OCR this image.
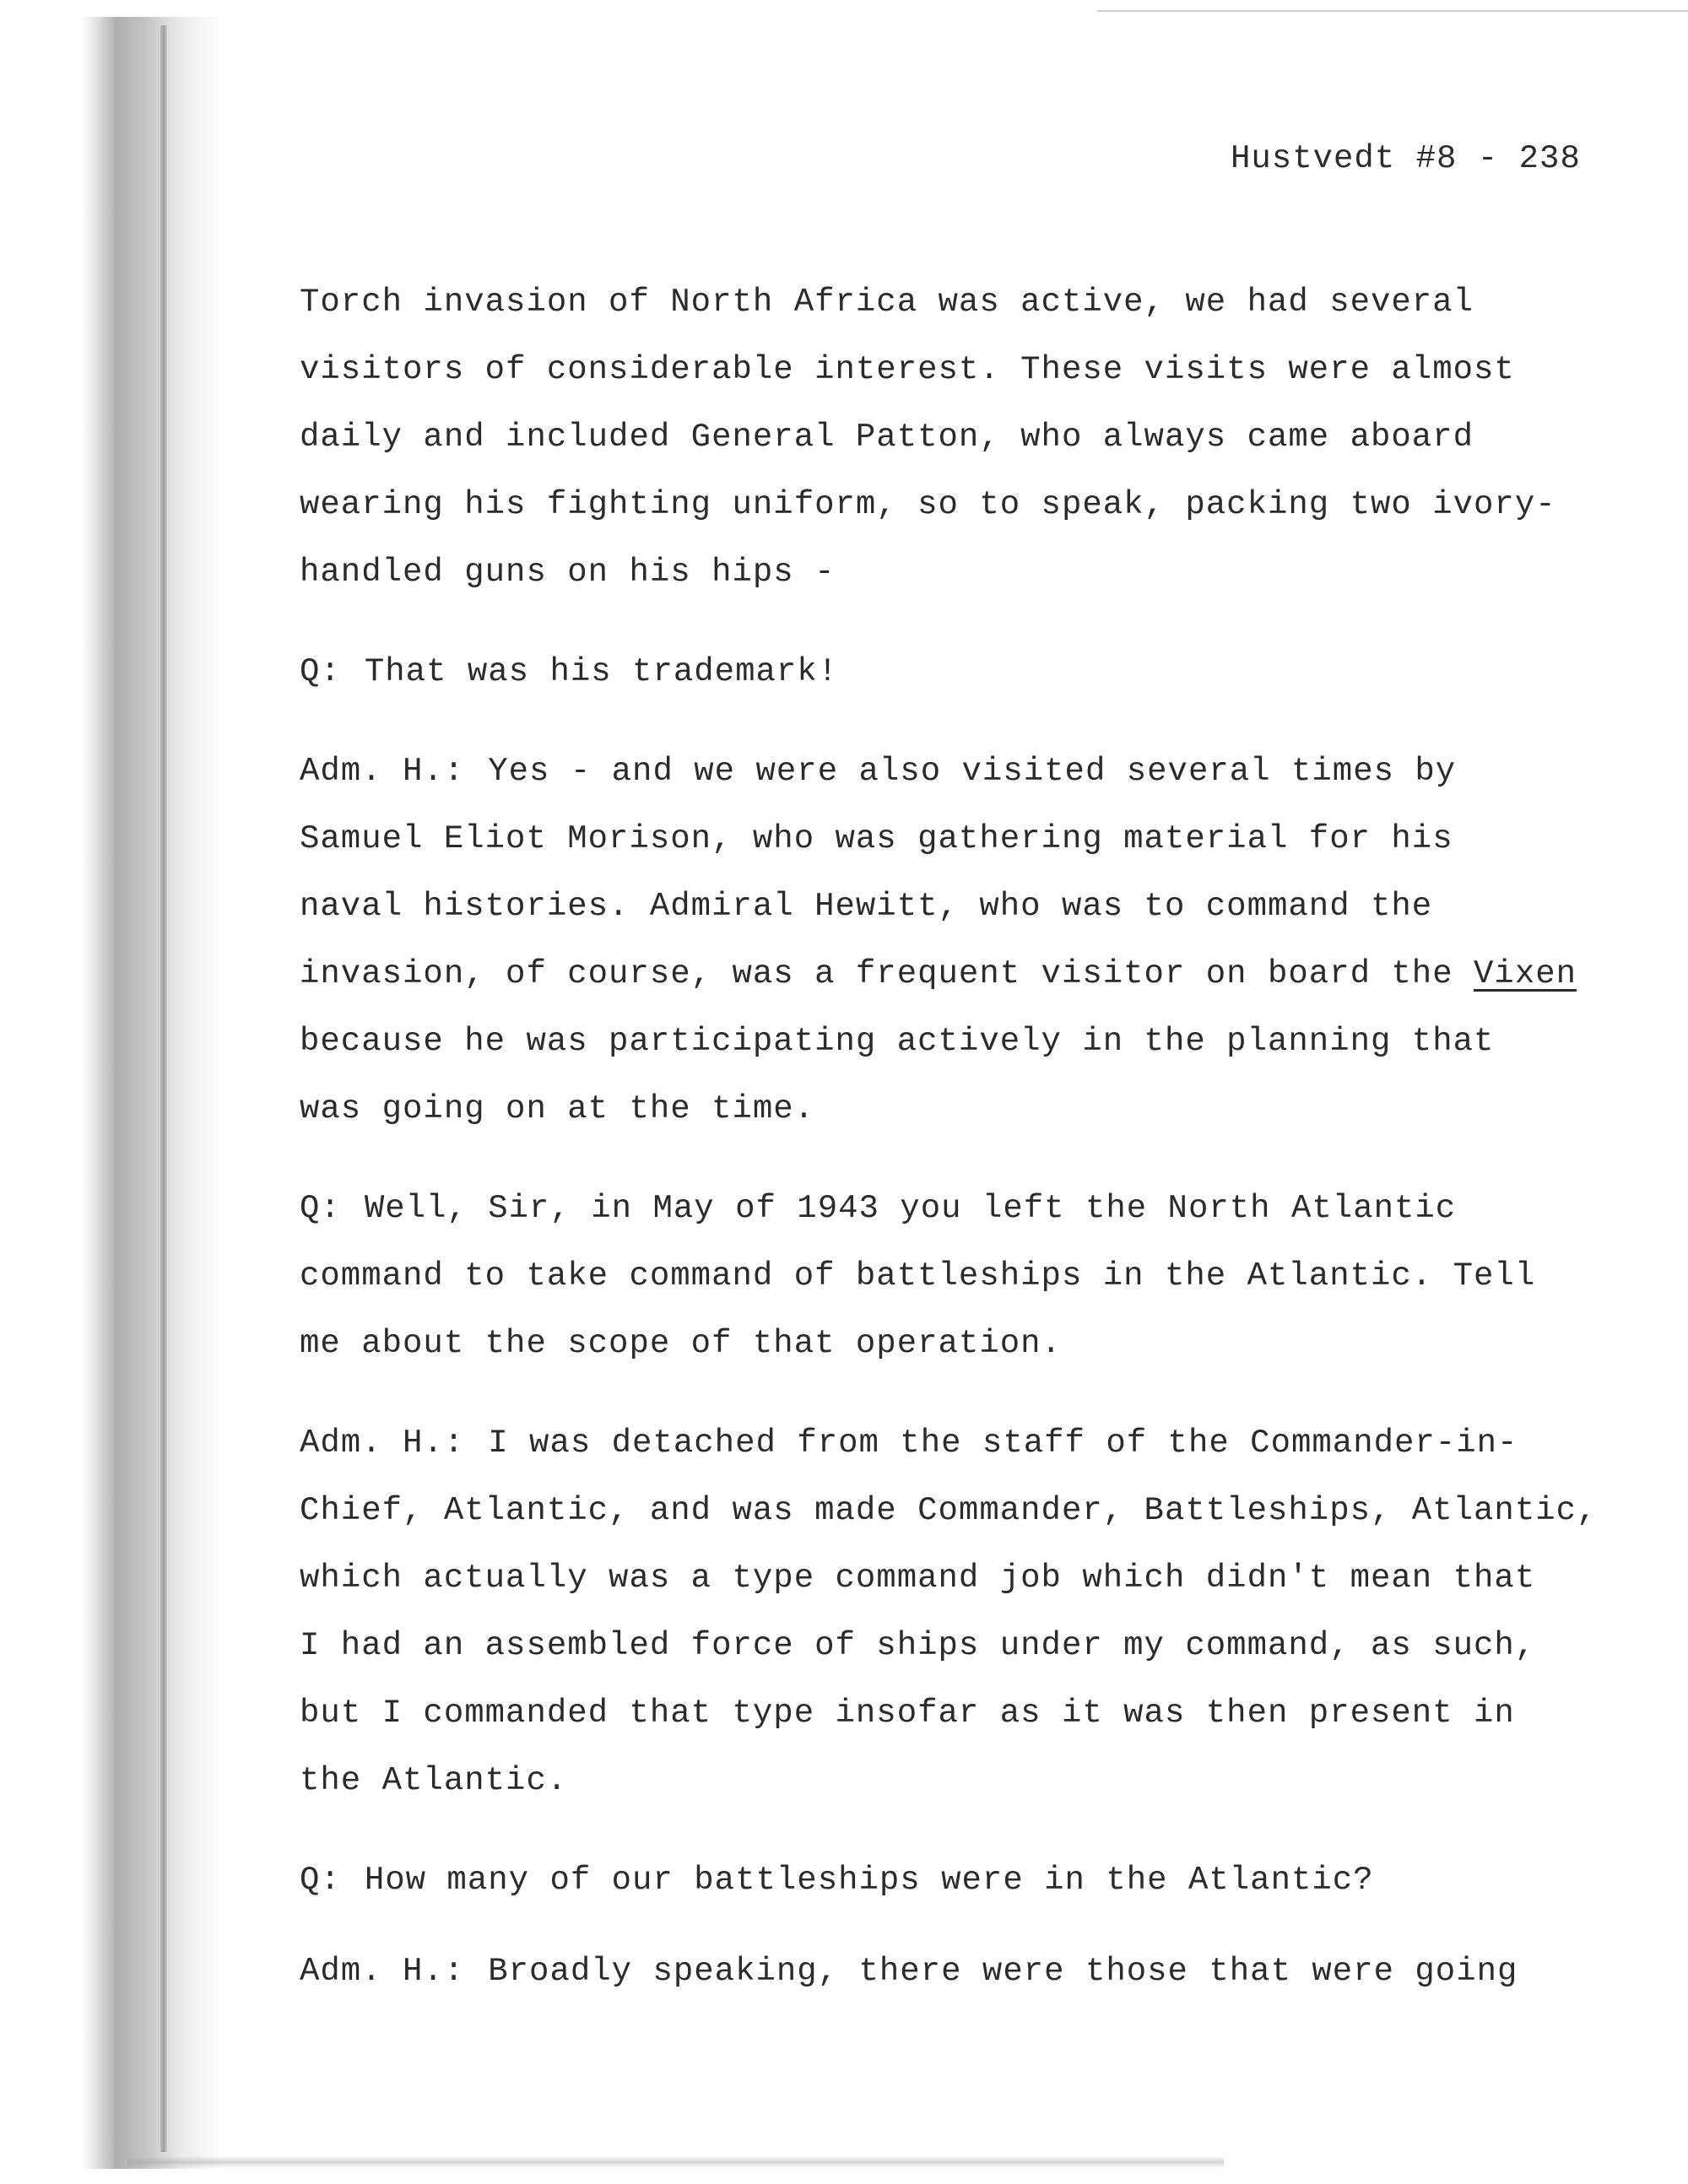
Hustvedt #8 - 238
Torch invasion of North Africa was active, we had several
visitors of considerable interest. These visits were almost
daily and included General Patton, who always came aboard
wearing his fighting uniform, so to speak, packing two ivory-
handled guns on his hips -
Q: That was his trademark!
Adm. H.: Yes - and we were also visited several times by
Samuel Eliot Morison, who was gathering material for his
naval histories. Admiral Hewitt, who was to command the
invasion, of course, was a frequent visitor on board the Vixen
because he was participating actively in the planning that
was going on at the time.
Q: Well, Sir, in May of 1943 you left the North Atlantic
command to take command of battleships in the Atlantic. Tell
me about the scope of that operation.
Adm. H.: I was detached from the staff of the Commander-in-
Chief, Atlantic, and was made Commander, Battleships, Atlantic,
which actually was a type command job which didn't mean that
I had an assembled force of ships under my command, as such,
but I commanded that type insofar as it was then present in
the Atlantic.
Q: How many of our battleships were in the Atlantic?
Adm. H.: Broadly speaking, there were those that were going
